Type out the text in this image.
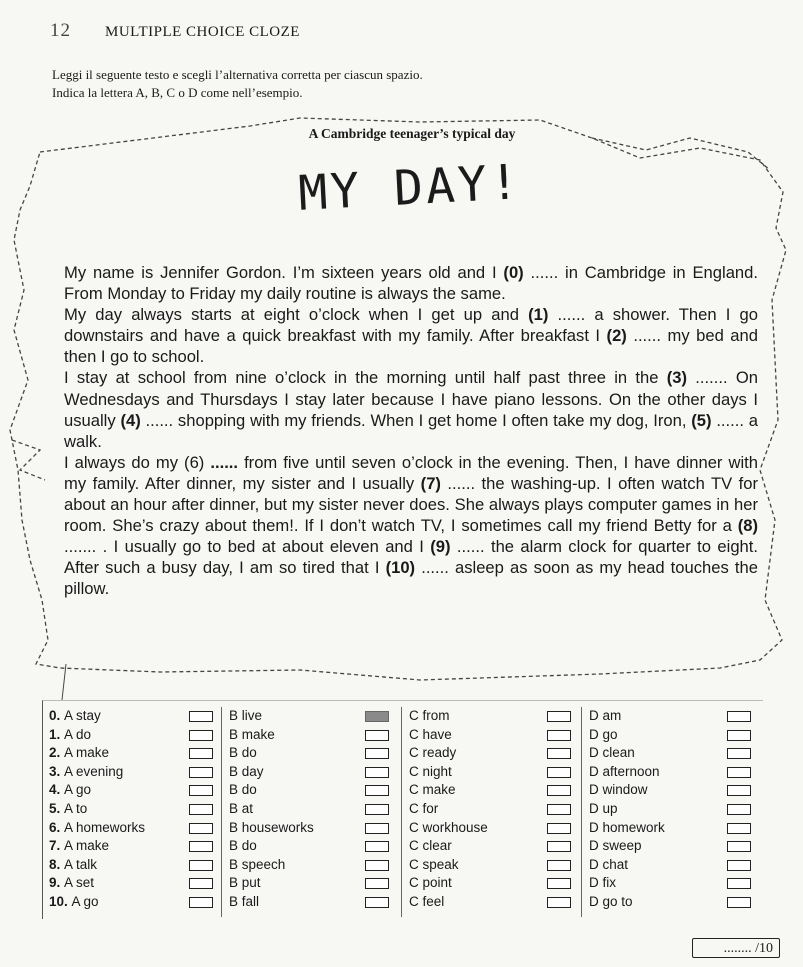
12	MULTIPLE CHOICE CLOZE
Leggi il seguente testo e scegli l’alternativa corretta per ciascun spazio.
Indica la lettera A, B, C o D come nell’esempio.
A Cambridge teenager’s typical day
MY DAY!

My name is Jennifer Gordon. I’m sixteen years old and I (0) ...... in Cambridge in England. From Monday to Friday my daily routine is always the same.

My day always starts at eight o’clock when I get up and (1) ...... a shower. Then I go downstairs and have a quick breakfast with my family. After breakfast I (2) ...... my bed and then I go to school.

I stay at school from nine o’clock in the morning until half past three in the (3) ....... On Wednesdays and Thursdays I stay later because I have piano lessons. On the other days I usually (4) ...... shopping with my friends. When I get home I often take my dog, Iron, (5) ...... a walk.

I always do my (6) ...... from five until seven o’clock in the evening. Then, I have dinner with my family. After dinner, my sister and I usually (7) ...... the washing-up. I often watch TV for about an hour after dinner, but my sister never does. She always plays computer games in her room. She’s crazy about them!. If I don’t watch TV, I sometimes call my friend Betty for a (8) ....... . I usually go to bed at about eleven and I (9) ...... the alarm clock for quarter to eight. After such a busy day, I am so tired that I (10) ...... asleep as soon as my head touches the pillow.

0. A stay
1. A do
2. A make
3. A evening
4. A go
5. A to
6. A homeworks
7. A make
8. A talk
9. A set
10. A go
B live
B make
B do
B day
B do
B at
B houseworks
B do
B speech
B put
B fall
C from
C have
C ready
C night
C make
C for
C workhouse
C clear
C speak
C point
C feel
D am
D go
D clean
D afternoon
D window
D up
D homework
D sweep
D chat
D fix
D go to
........ /10
